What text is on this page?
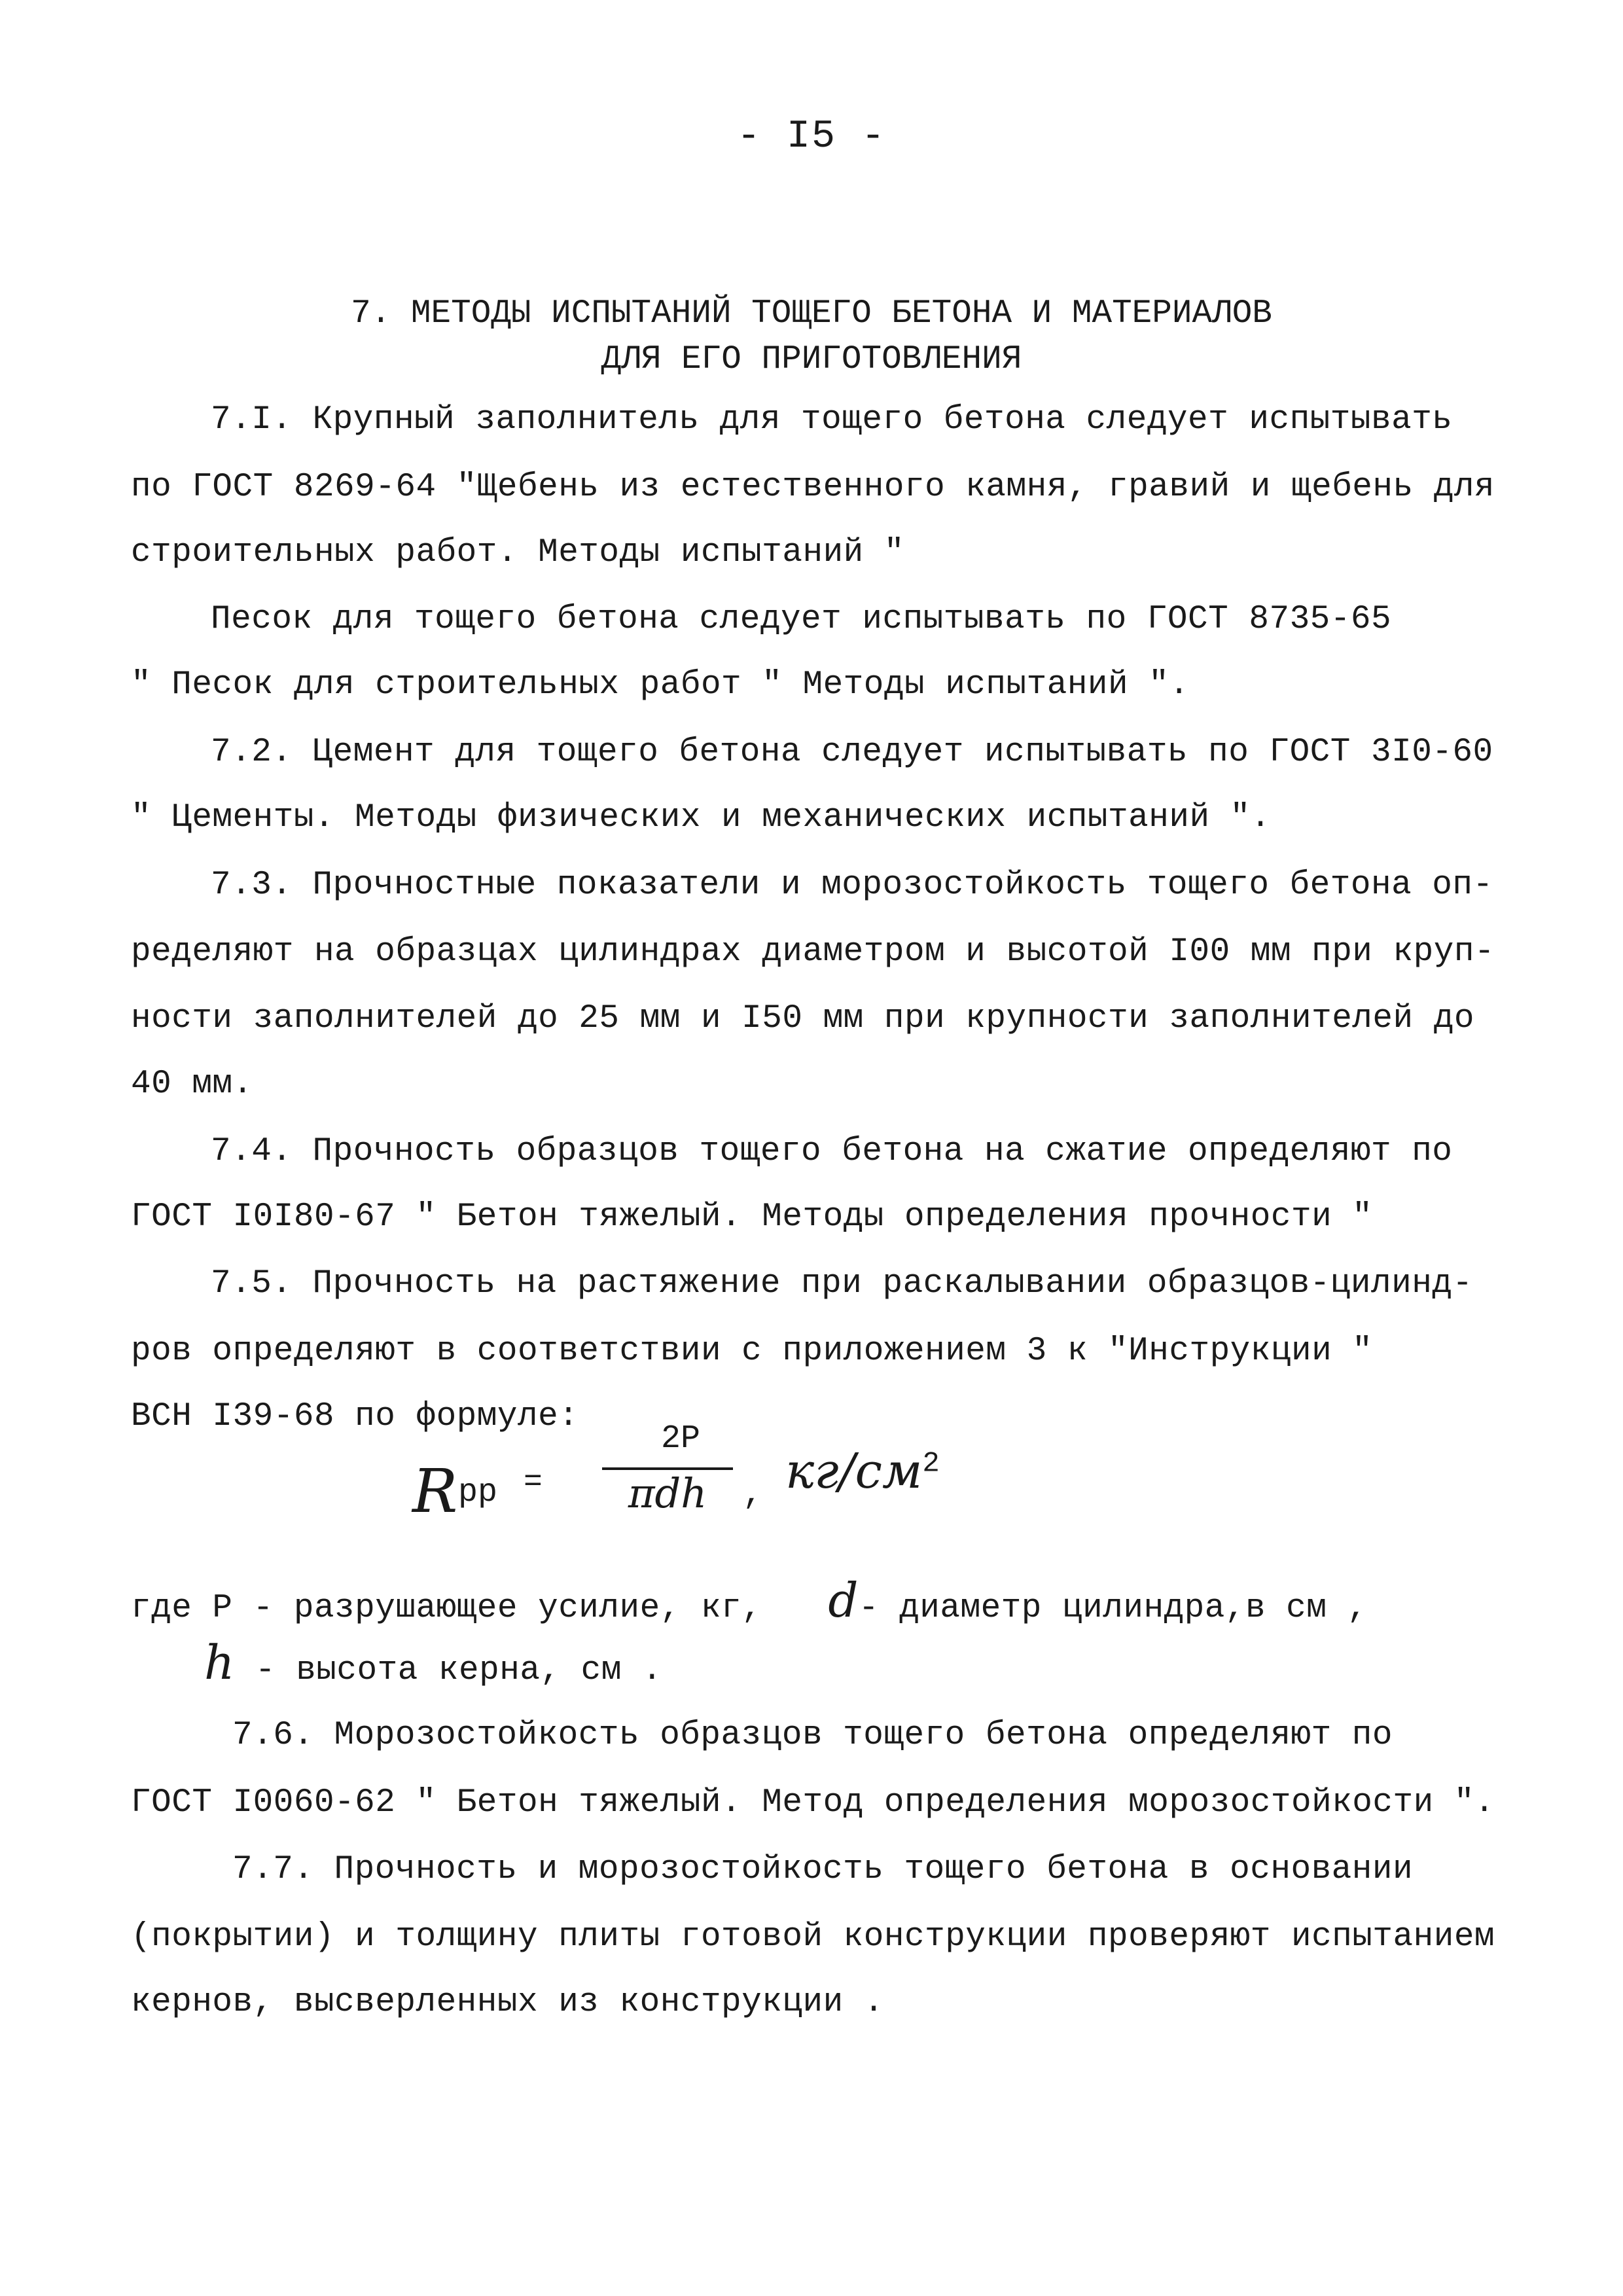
- I5 -
7. МЕТОДЫ ИСПЫТАНИЙ ТОЩЕГО БЕТОНА И МАТЕРИАЛОВ
ДЛЯ ЕГО ПРИГОТОВЛЕНИЯ
7.I. Крупный заполнитель для тощего бетона следует испытывать
по ГОСТ 8269-64 "Щебень из естественного камня, гравий и щебень для
строительных работ. Методы испытаний "
Песок для тощего бетона следует испытывать по ГОСТ 8735-65
" Песок для строительных работ " Методы испытаний ".
7.2. Цемент для тощего бетона следует испытывать по ГОСТ 3I0-60
" Цементы. Методы физических и механических испытаний ".
7.3. Прочностные показатели и морозостойкость тощего бетона оп-
ределяют на образцах цилиндрах диаметром и высотой I00 мм при круп-
ности заполнителей до 25 мм и I50 мм при крупности заполнителей до
40 мм.
7.4. Прочность образцов тощего бетона на сжатие определяют по
ГОСТ I0I80-67 " Бетон тяжелый. Методы определения прочности "
7.5. Прочность на растяжение при раскалывании образцов-цилинд-
ров определяют в соответствии с приложением 3 к "Инструкции "
ВСН I39-68 по формуле:
R рр =
2P
πdh	, $кг/см^2$
где P - разрушающее усилие, кг, d- диаметр цилиндра,в см ,
h - высота керна, см .
7.6. Морозостойкость образцов тощего бетона определяют по
ГОСТ I0060-62 " Бетон тяжелый. Метод определения морозостойкости ".
7.7. Прочность и морозостойкость тощего бетона в основании
(покрытии) и толщину плиты готовой конструкции проверяют испытанием
кернов, высверленных из конструкции .
